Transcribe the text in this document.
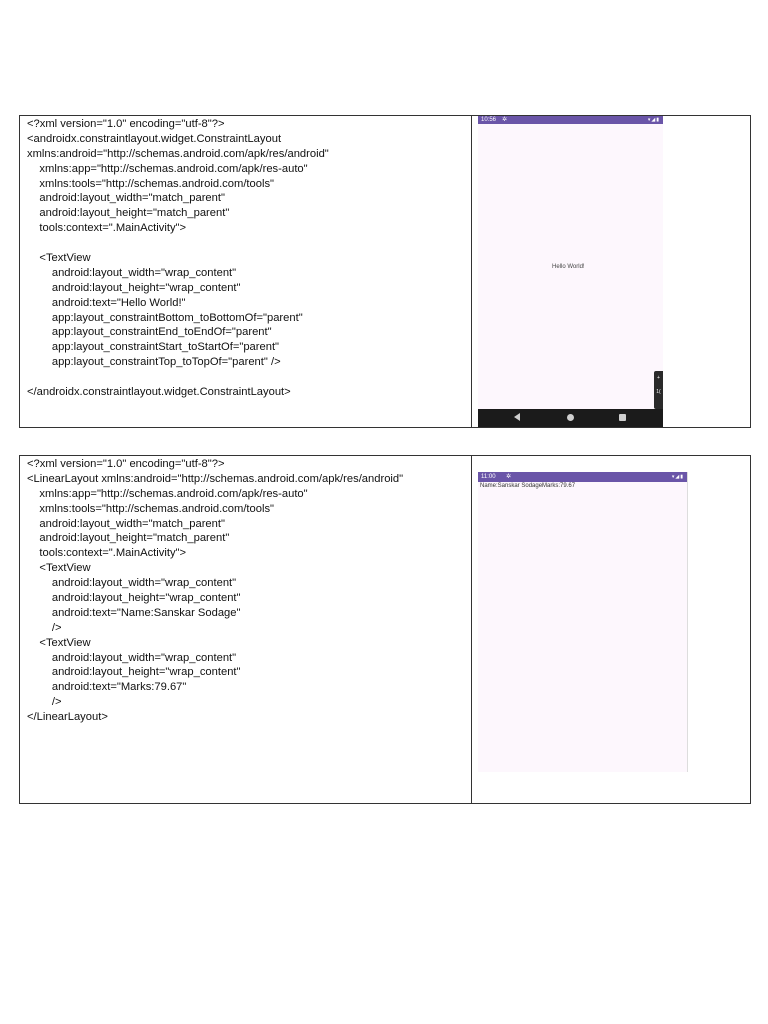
<?xml version="1.0" encoding="utf-8"?>
<androidx.constraintlayout.widget.ConstraintLayout
xmlns:android="http://schemas.android.com/apk/res/android"
xmlns:app="http://schemas.android.com/apk/res-auto"
xmlns:tools="http://schemas.android.com/tools"
android:layout_width="match_parent"
android:layout_height="match_parent"
tools:context=".MainActivity">
<TextView
android:layout_width="wrap_content"
android:layout_height="wrap_content"
android:text="Hello World!"
app:layout_constraintBottom_toBottomOf="parent"
app:layout_constraintEnd_toEndOf="parent"
app:layout_constraintStart_toStartOf="parent"
app:layout_constraintTop_toTopOf="parent" />
</androidx.constraintlayout.widget.ConstraintLayout>
10:56 ✲	▾◢▮
Hello World!
+
1(
<?xml version="1.0" encoding="utf-8"?>
<LinearLayout xmlns:android="http://schemas.android.com/apk/res/android"
xmlns:app="http://schemas.android.com/apk/res-auto"
xmlns:tools="http://schemas.android.com/tools"
android:layout_width="match_parent"
android:layout_height="match_parent"
tools:context=".MainActivity">
<TextView
android:layout_width="wrap_content"
android:layout_height="wrap_content"
android:text="Name:Sanskar Sodage"
/>
<TextView
android:layout_width="wrap_content"
android:layout_height="wrap_content"
android:text="Marks:79.67"
/>
</LinearLayout>
11:00 ✲	▾◢▮
Name:Sanskar SodageMarks:79.67
